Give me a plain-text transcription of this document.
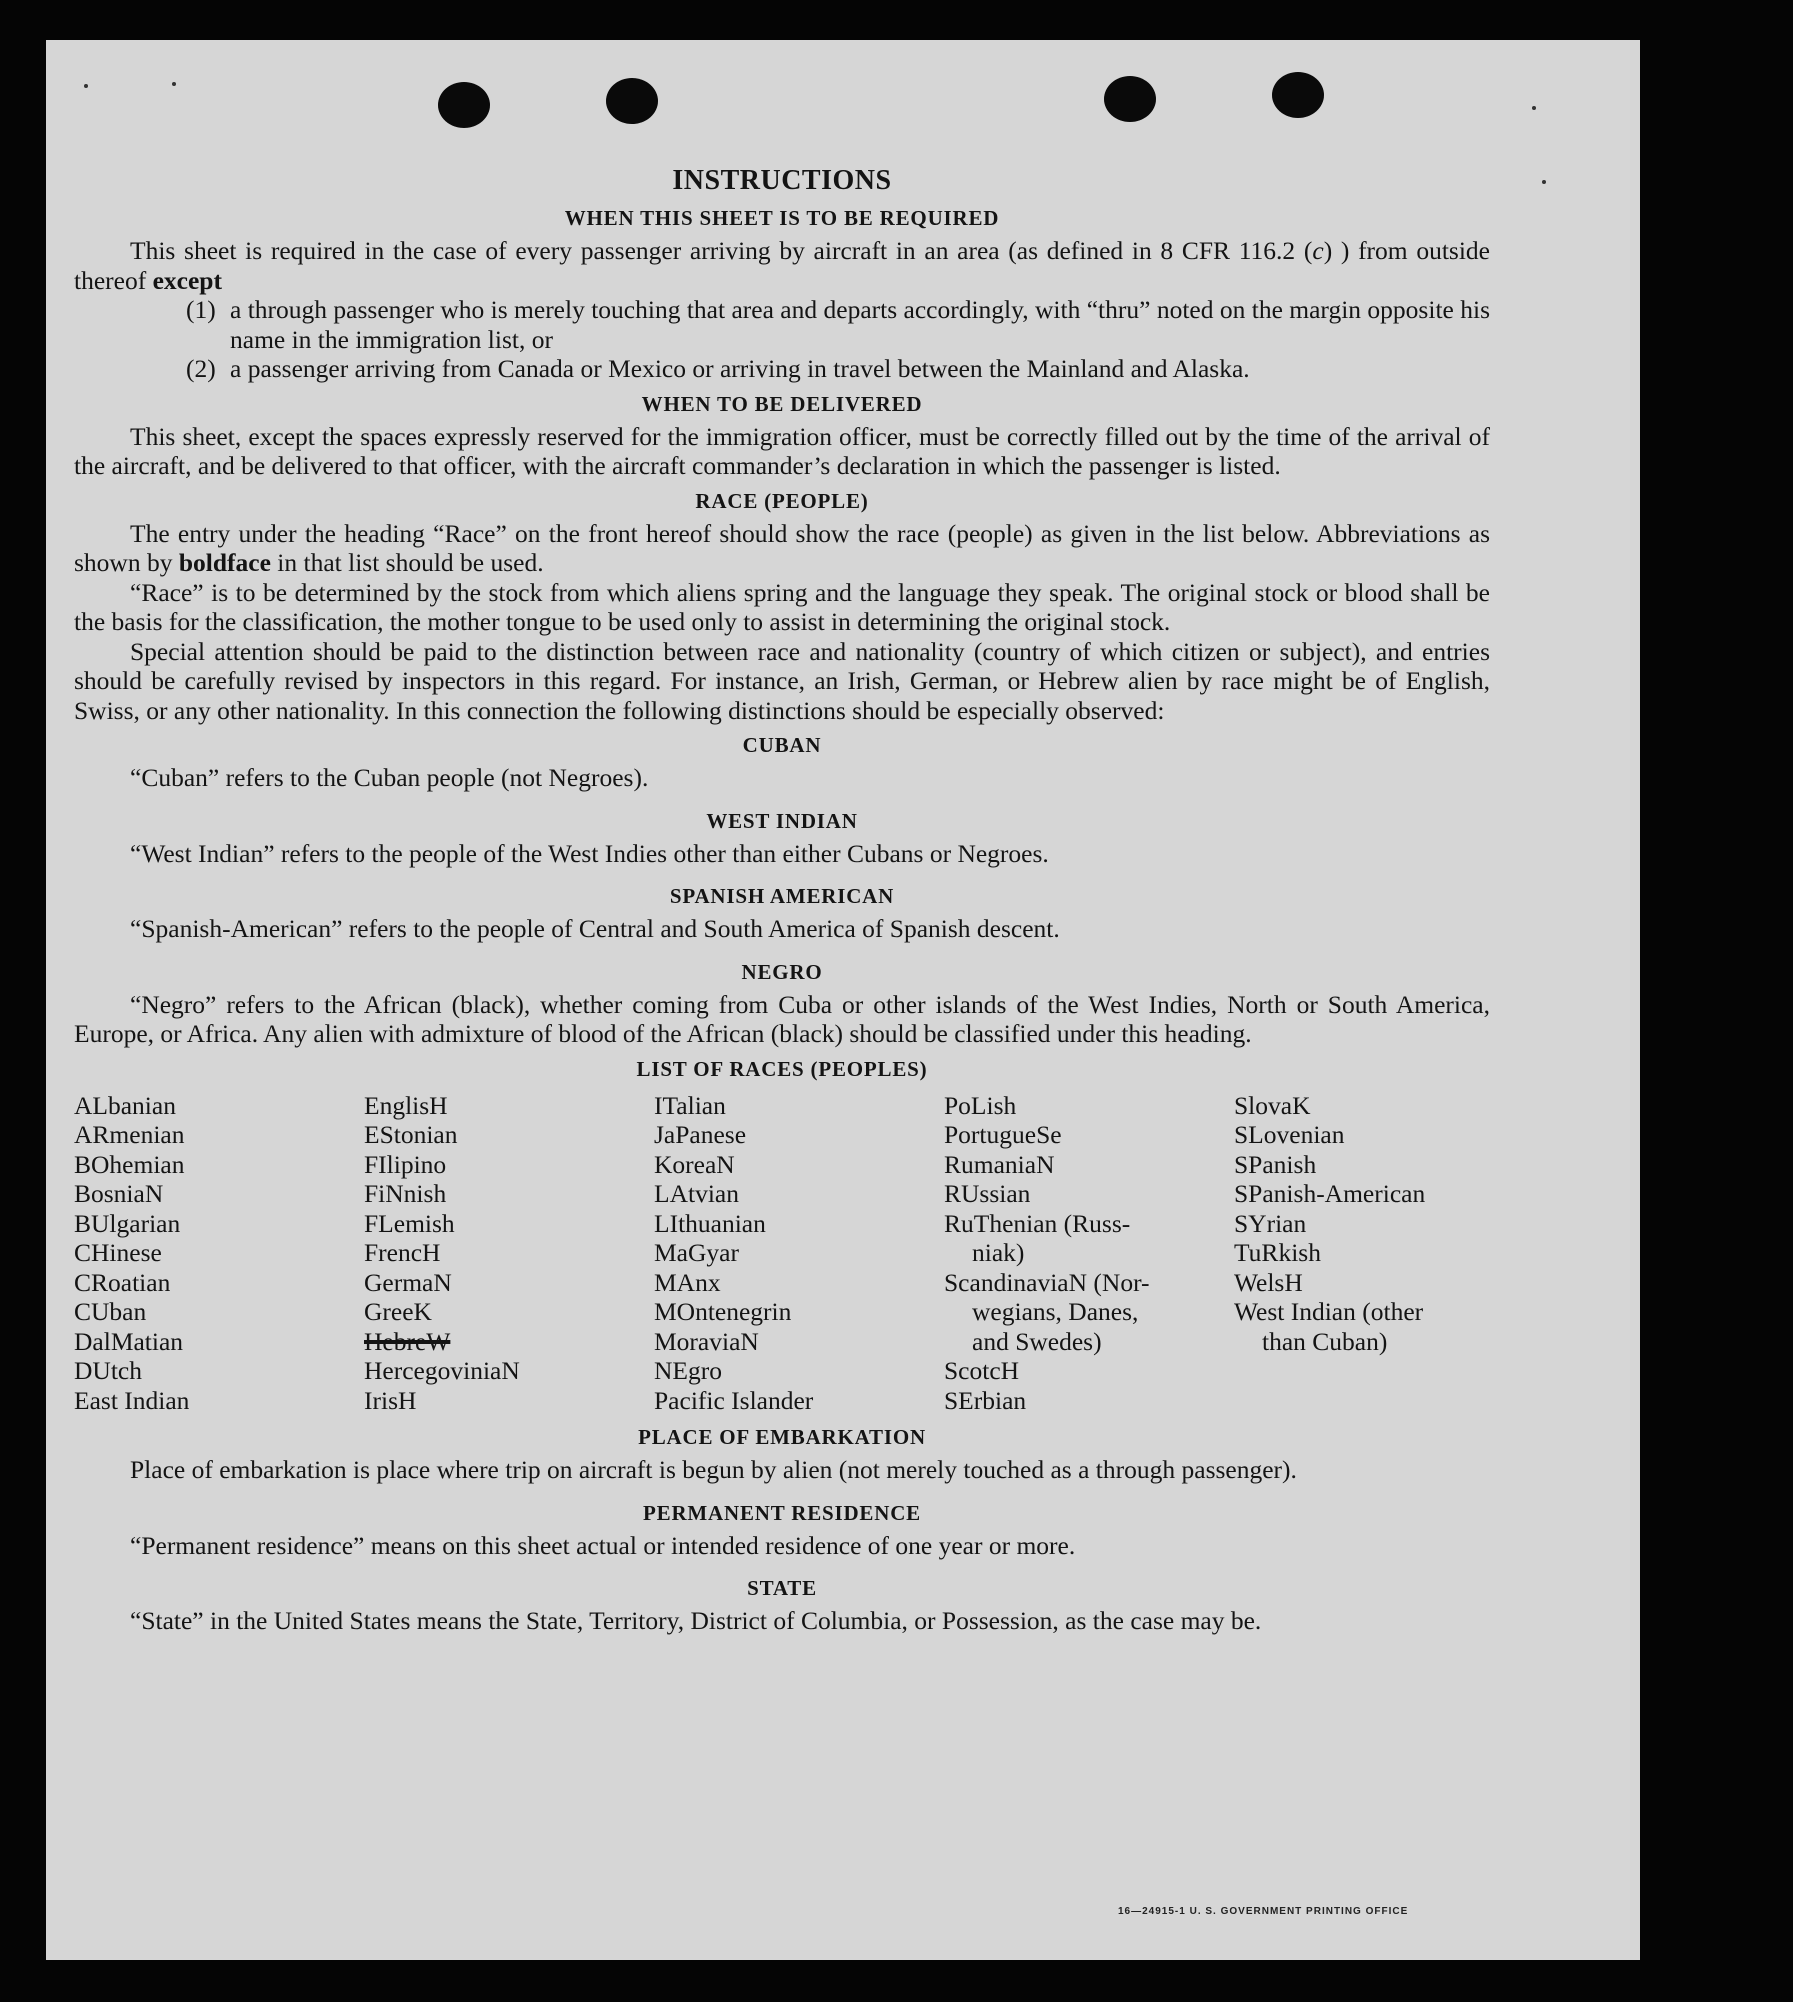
INSTRUCTIONS
WHEN THIS SHEET IS TO BE REQUIRED

This sheet is required in the case of every passenger arriving by aircraft in an area (as defined in 8 CFR 116.2 (c) ) from outside thereof except

(1) a through passenger who is merely touching that area and departs accordingly, with “thru” noted on the margin opposite his name in the immigration list, or
(2) a passenger arriving from Canada or Mexico or arriving in travel between the Mainland and Alaska.
WHEN TO BE DELIVERED

This sheet, except the spaces expressly reserved for the immigration officer, must be correctly filled out by the time of the arrival of the aircraft, and be delivered to that officer, with the aircraft commander’s declaration in which the passenger is listed.

RACE (PEOPLE)

The entry under the heading “Race” on the front hereof should show the race (people) as given in the list below. Abbreviations as shown by boldface in that list should be used.

“Race” is to be determined by the stock from which aliens spring and the language they speak. The original stock or blood shall be the basis for the classification, the mother tongue to be used only to assist in determining the original stock.

Special attention should be paid to the distinction between race and nationality (country of which citizen or subject), and entries should be carefully revised by inspectors in this regard. For instance, an Irish, German, or Hebrew alien by race might be of English, Swiss, or any other nationality. In this connection the following distinctions should be especially observed:

CUBAN

“Cuban” refers to the Cuban people (not Negroes).

WEST INDIAN

“West Indian” refers to the people of the West Indies other than either Cubans or Negroes.

SPANISH AMERICAN

“Spanish-American” refers to the people of Central and South America of Spanish descent.

NEGRO

“Negro” refers to the African (black), whether coming from Cuba or other islands of the West Indies, North or South America, Europe, or Africa. Any alien with admixture of blood of the African (black) should be classified under this heading.

LIST OF RACES (PEOPLES)
ALbanian
ARmenian
BOhemian
BosniaN
BUlgarian
CHinese
CRoatian
CUban
DalMatian
DUtch
East Indian
EnglisH
EStonian
FIlipino
FiNnish
FLemish
FrencH
GermaN
GreeK
HebreW
HercegoviniaN
IrisH
ITalian
JaPanese
KoreaN
LAtvian
LIthuanian
MaGyar
MAnx
MOntenegrin
MoraviaN
NEgro
Pacific Islander
PoLish
PortugueSe
RumaniaN
RUssian
RuThenian (Russ-
niak)
ScandinaviaN (Nor-
wegians, Danes,
and Swedes)
ScotcH
SErbian
SlovaK
SLovenian
SPanish
SPanish-American
SYrian
TuRkish
WelsH
West Indian (other
than Cuban)
PLACE OF EMBARKATION

Place of embarkation is place where trip on aircraft is begun by alien (not merely touched as a through passenger).

PERMANENT RESIDENCE

“Permanent residence” means on this sheet actual or intended residence of one year or more.

STATE

“State” in the United States means the State, Territory, District of Columbia, or Possession, as the case may be.

16—24915-1 U. S. GOVERNMENT PRINTING OFFICE
